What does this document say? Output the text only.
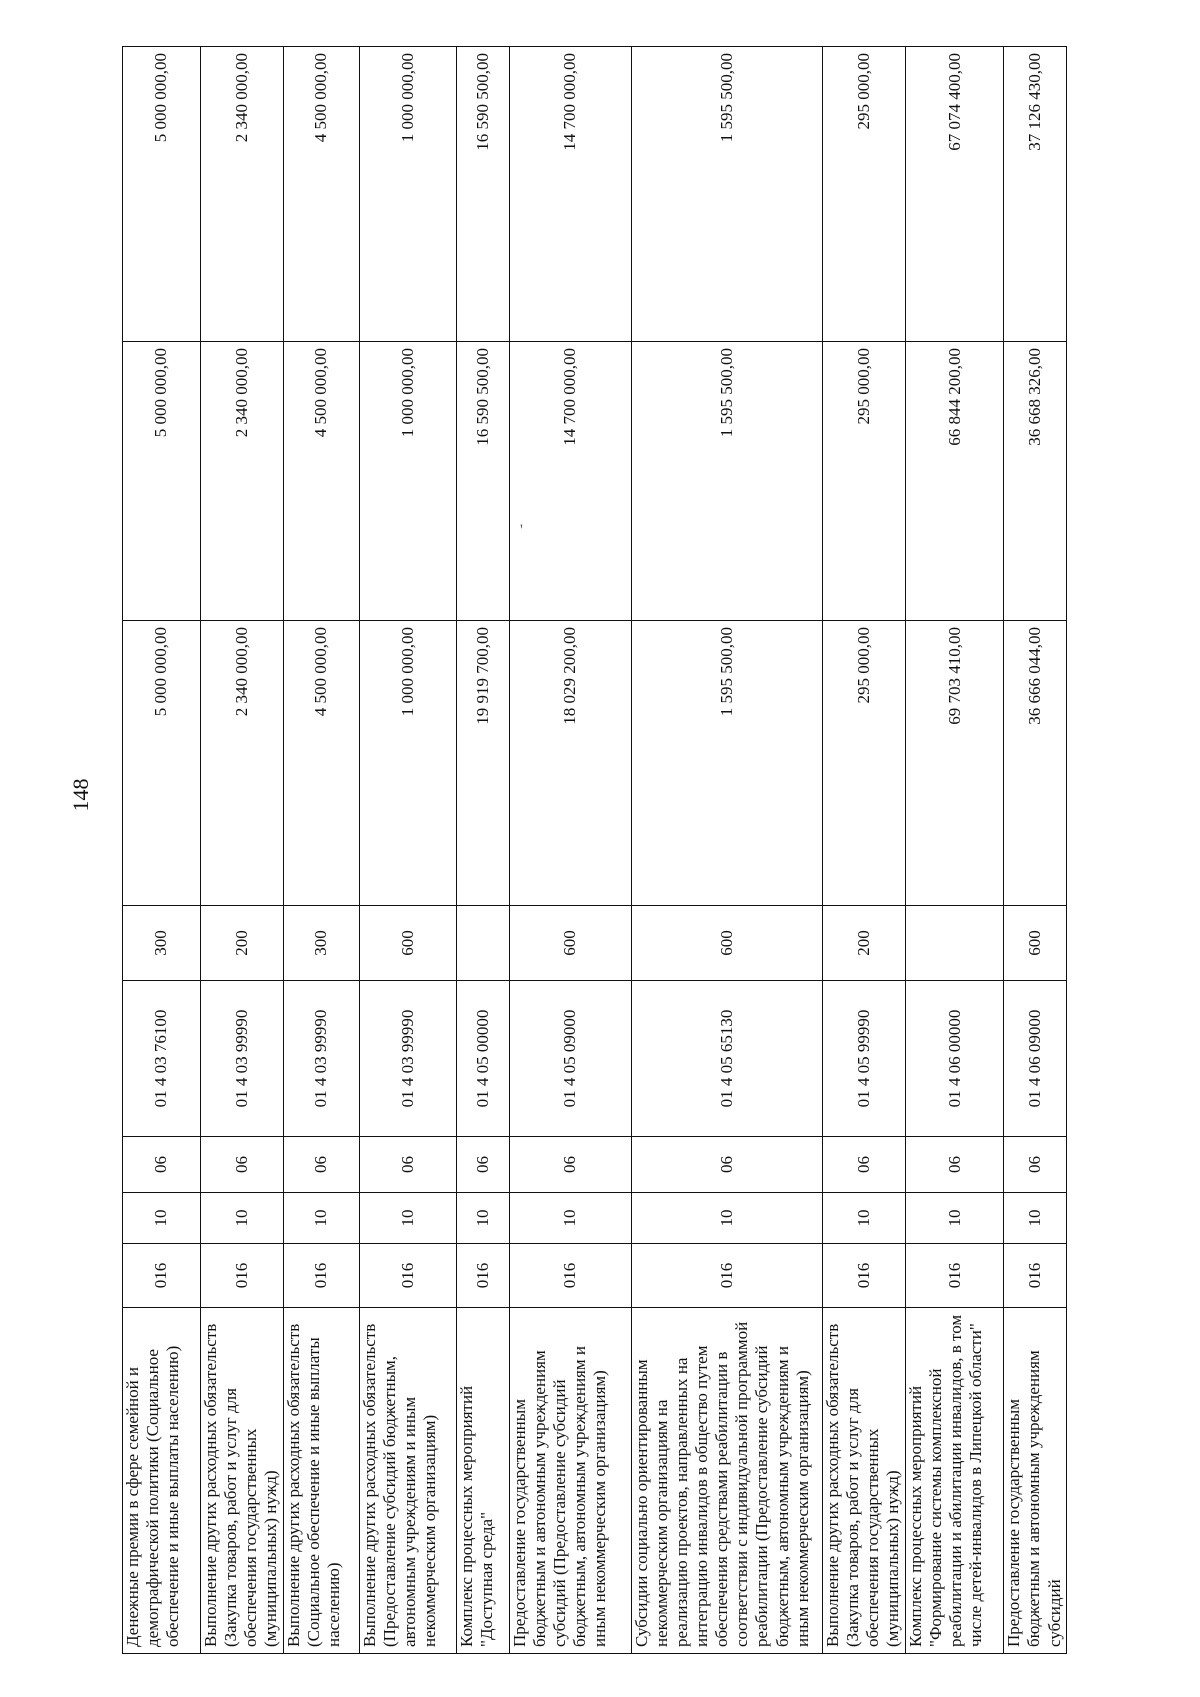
148
'
Денежные премии в сфере семейной и демографической политики (Социальное обеспечение и иные выплаты населению)	016	10	06	01 4 03 76100	300	5 000 000,00	5 000 000,00	5 000 000,00
Выполнение других расходных обязательств (Закупка товаров, работ и услуг для обеспечения государственных (муниципальных) нужд)	016	10	06	01 4 03 99990	200	2 340 000,00	2 340 000,00	2 340 000,00
Выполнение других расходных обязательств (Социальное обеспечение и иные выплаты населению)	016	10	06	01 4 03 99990	300	4 500 000,00	4 500 000,00	4 500 000,00
Выполнение других расходных обязательств (Предоставление субсидий бюджетным, автономным учреждениям и иным некоммерческим организациям)	016	10	06	01 4 03 99990	600	1 000 000,00	1 000 000,00	1 000 000,00
Комплекс процессных мероприятий "Доступная среда"	016	10	06	01 4 05 00000		19 919 700,00	16 590 500,00	16 590 500,00
Предоставление государственным бюджетным и автономным учреждениям субсидий (Предоставление субсидий бюджетным, автономным учреждениям и иным некоммерческим организациям)	016	10	06	01 4 05 09000	600	18 029 200,00	14 700 000,00	14 700 000,00
Субсидии социально ориентированным некоммерческим организациям на реализацию проектов, направленных на интеграцию инвалидов в общество путем обеспечения средствами реабилитации в соответствии с индивидуальной программой реабилитации (Предоставление субсидий бюджетным, автономным учреждениям и иным некоммерческим организациям)	016	10	06	01 4 05 65130	600	1 595 500,00	1 595 500,00	1 595 500,00
Выполнение других расходных обязательств (Закупка товаров, работ и услуг для обеспечения государственных (муниципальных) нужд)	016	10	06	01 4 05 99990	200	295 000,00	295 000,00	295 000,00
Комплекс процессных мероприятий "Формирование системы комплексной реабилитации и абилитации инвалидов, в том числе детей-инвалидов в Липецкой области"	016	10	06	01 4 06 00000		69 703 410,00	66 844 200,00	67 074 400,00
Предоставление государственным бюджетным и автономным учреждениям субсидий	016	10	06	01 4 06 09000	600	36 666 044,00	36 668 326,00	37 126 430,00
